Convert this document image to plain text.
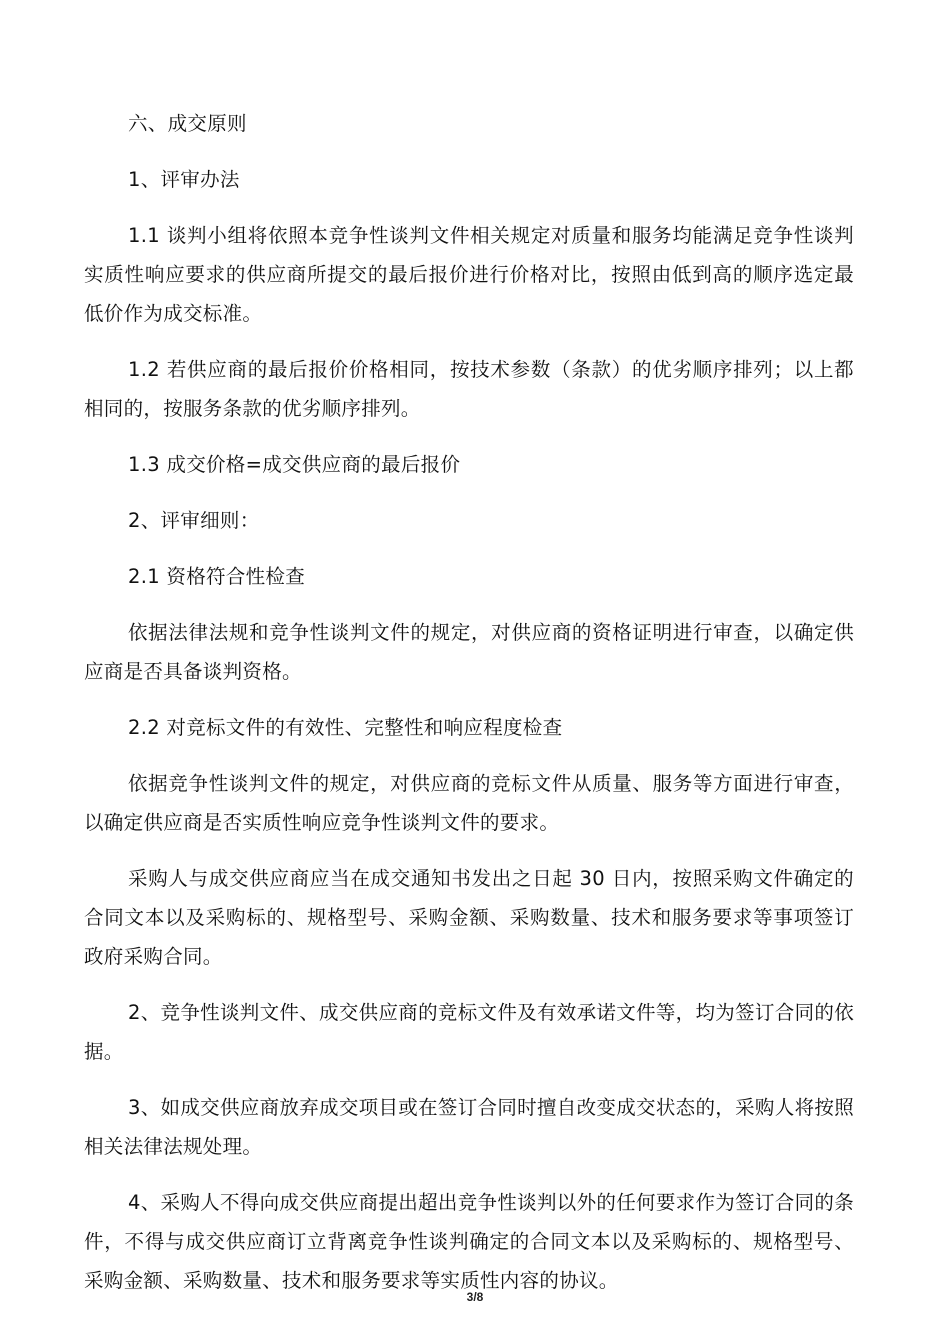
六、成交原则

1、评审办法

1.1 谈判小组将依照本竞争性谈判文件相关规定对质量和服务均能满足竞争性谈判实质性响应要求的供应商所提交的最后报价进行价格对比，按照由低到高的顺序选定最低价作为成交标准。

1.2 若供应商的最后报价价格相同，按技术参数（条款）的优劣顺序排列；以上都相同的，按服务条款的优劣顺序排列。

1.3 成交价格=成交供应商的最后报价

2、评审细则：

2.1 资格符合性检查

依据法律法规和竞争性谈判文件的规定，对供应商的资格证明进行审查，以确定供应商是否具备谈判资格。

2.2 对竞标文件的有效性、完整性和响应程度检查

依据竞争性谈判文件的规定，对供应商的竞标文件从质量、服务等方面进行审查，以确定供应商是否实质性响应竞争性谈判文件的要求。

采购人与成交供应商应当在成交通知书发出之日起 30 日内，按照采购文件确定的合同文本以及采购标的、规格型号、采购金额、采购数量、技术和服务要求等事项签订政府采购合同。

2、竞争性谈判文件、成交供应商的竞标文件及有效承诺文件等，均为签订合同的依据。

3、如成交供应商放弃成交项目或在签订合同时擅自改变成交状态的，采购人将按照相关法律法规处理。

4、采购人不得向成交供应商提出超出竞争性谈判以外的任何要求作为签订合同的条件，不得与成交供应商订立背离竞争性谈判确定的合同文本以及采购标的、规格型号、采购金额、采购数量、技术和服务要求等实质性内容的协议。

3/8
